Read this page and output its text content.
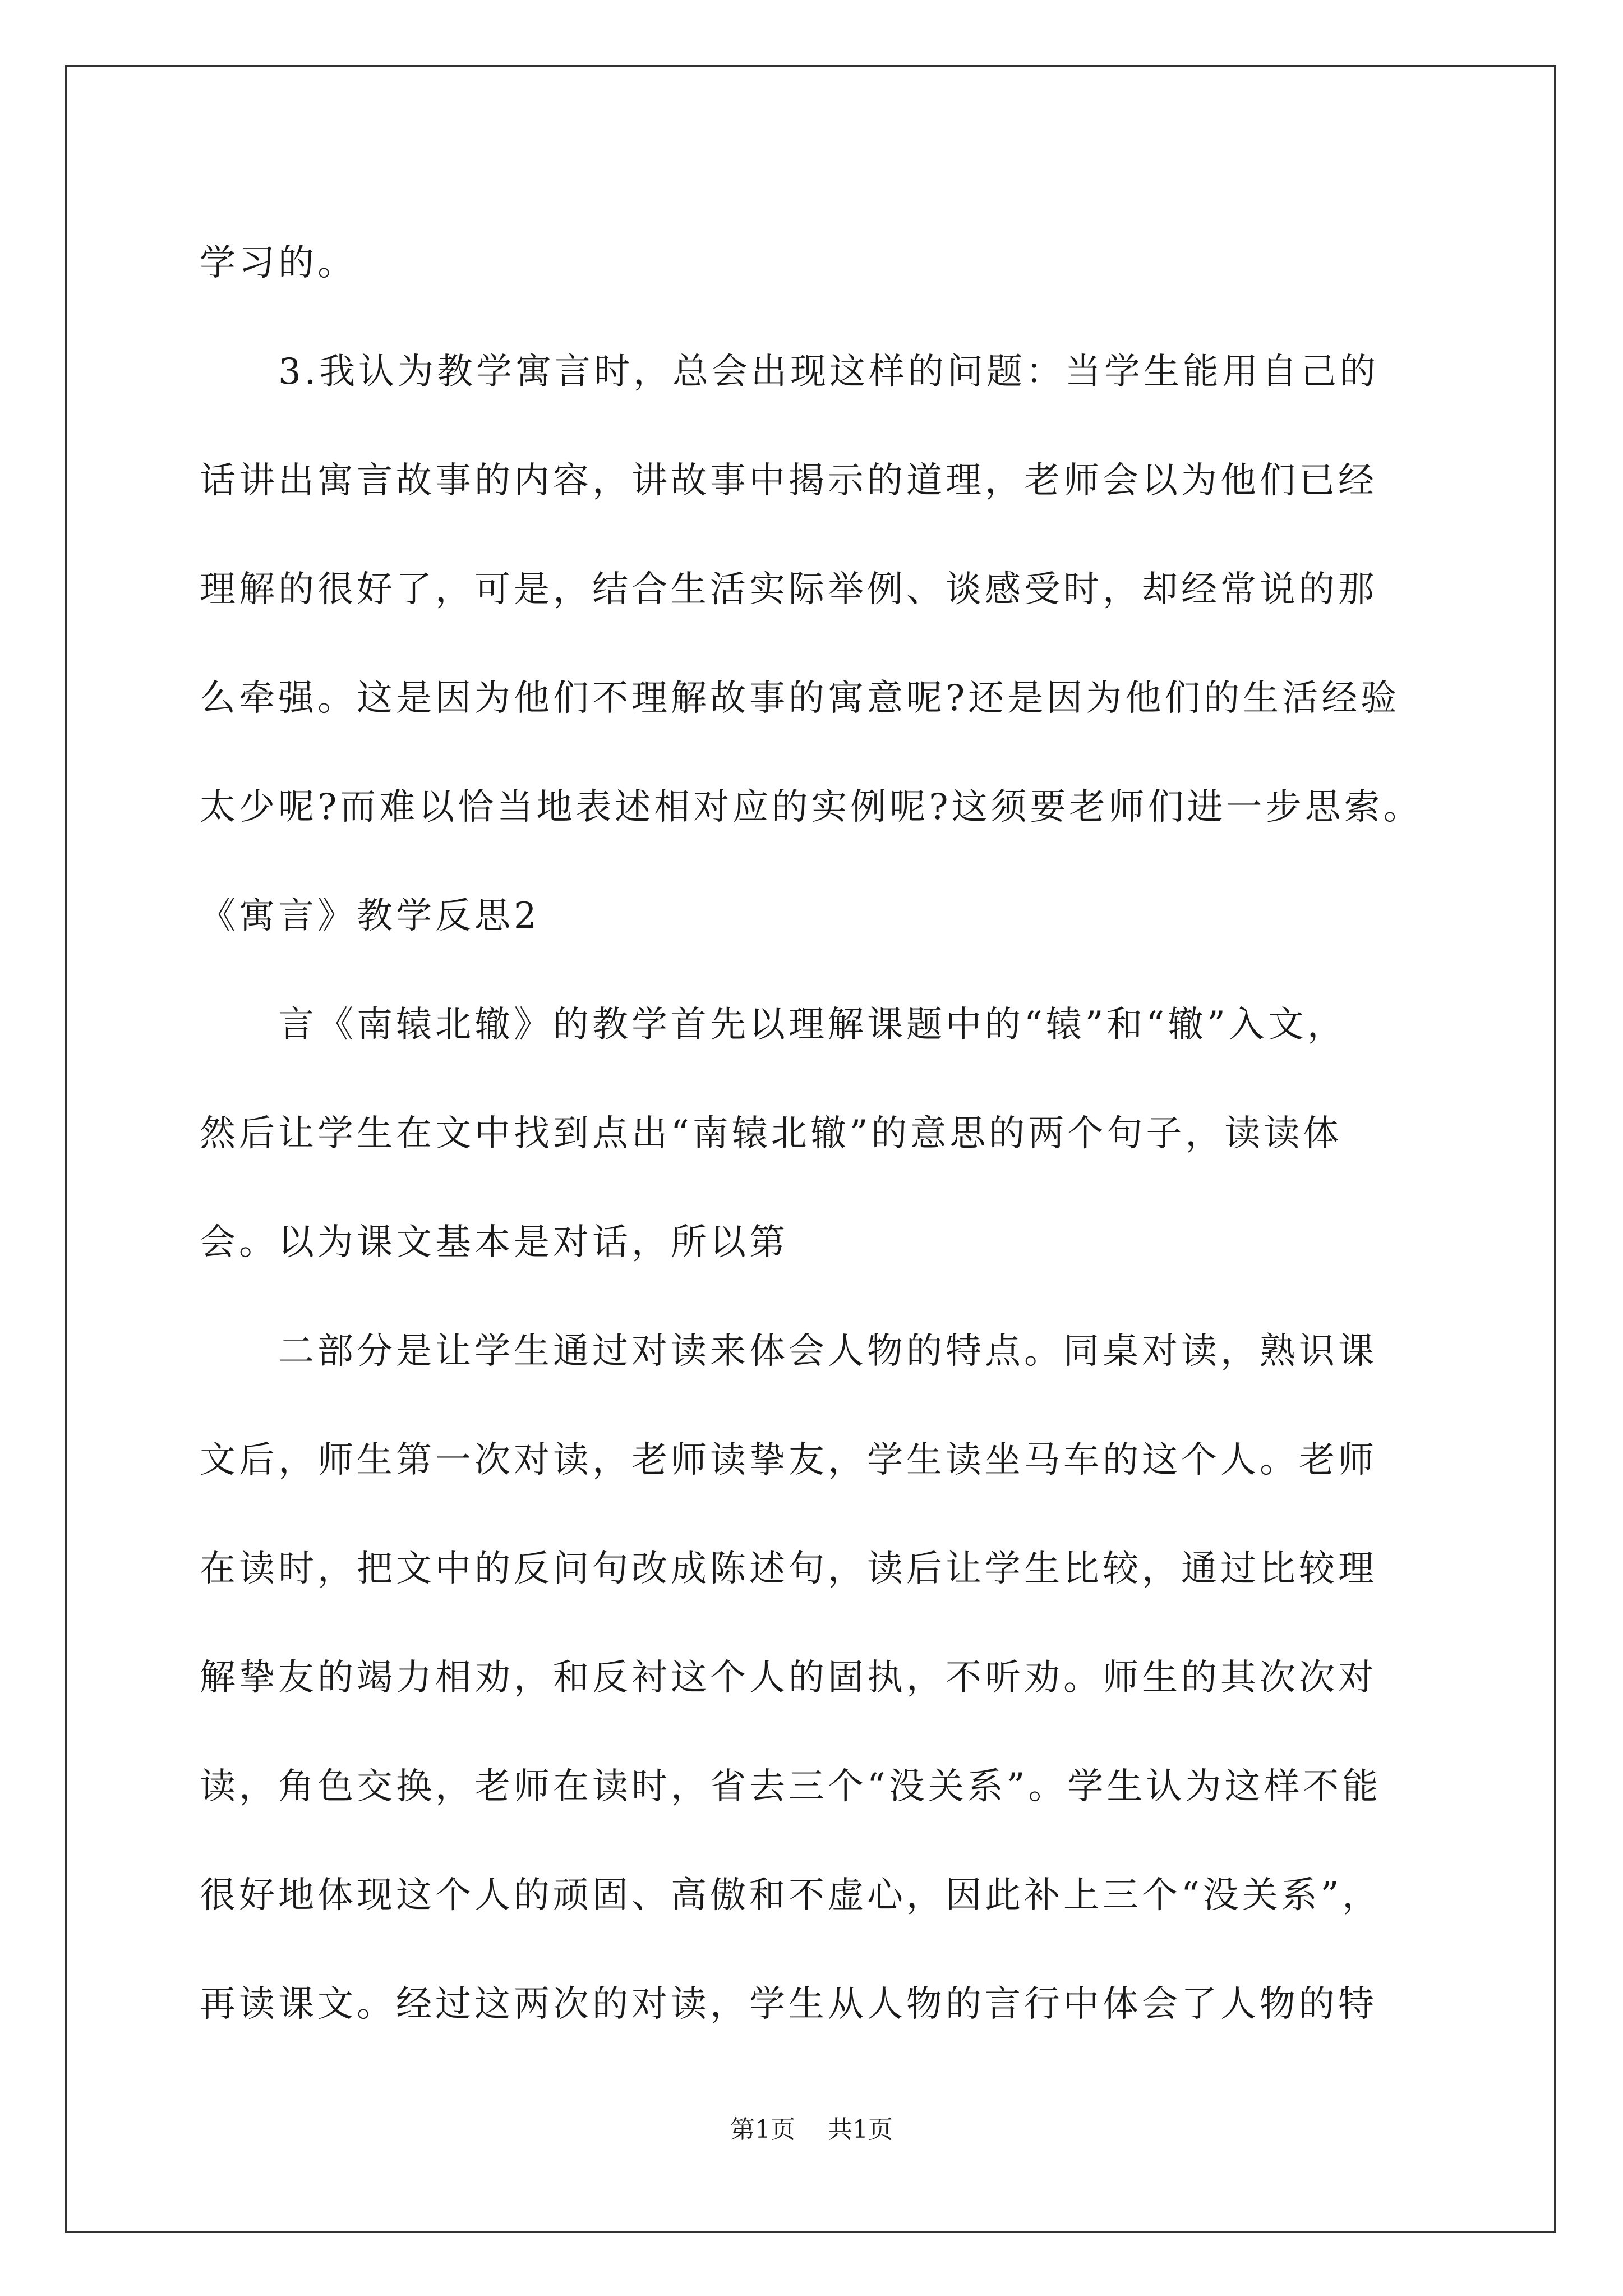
学习的。
3.我认为教学寓言时，总会出现这样的问题：当学生能用自己的
话讲出寓言故事的内容，讲故事中揭示的道理，老师会以为他们已经
理解的很好了，可是，结合生活实际举例、谈感受时，却经常说的那
么牵强。这是因为他们不理解故事的寓意呢?还是因为他们的生活经验
太少呢?而难以恰当地表述相对应的实例呢?这须要老师们进一步思索。
《寓言》教学反思2
言《南辕北辙》的教学首先以理解课题中的“辕”和“辙”入文，
然后让学生在文中找到点出“南辕北辙”的意思的两个句子，读读体
会。以为课文基本是对话，所以第
二部分是让学生通过对读来体会人物的特点。同桌对读，熟识课
文后，师生第一次对读，老师读挚友，学生读坐马车的这个人。老师
在读时，把文中的反问句改成陈述句，读后让学生比较，通过比较理
解挚友的竭力相劝，和反衬这个人的固执，不听劝。师生的其次次对
读，角色交换，老师在读时，省去三个“没关系”。学生认为这样不能
很好地体现这个人的顽固、高傲和不虚心，因此补上三个“没关系”，
再读课文。经过这两次的对读，学生从人物的言行中体会了人物的特
第1页 共1页
